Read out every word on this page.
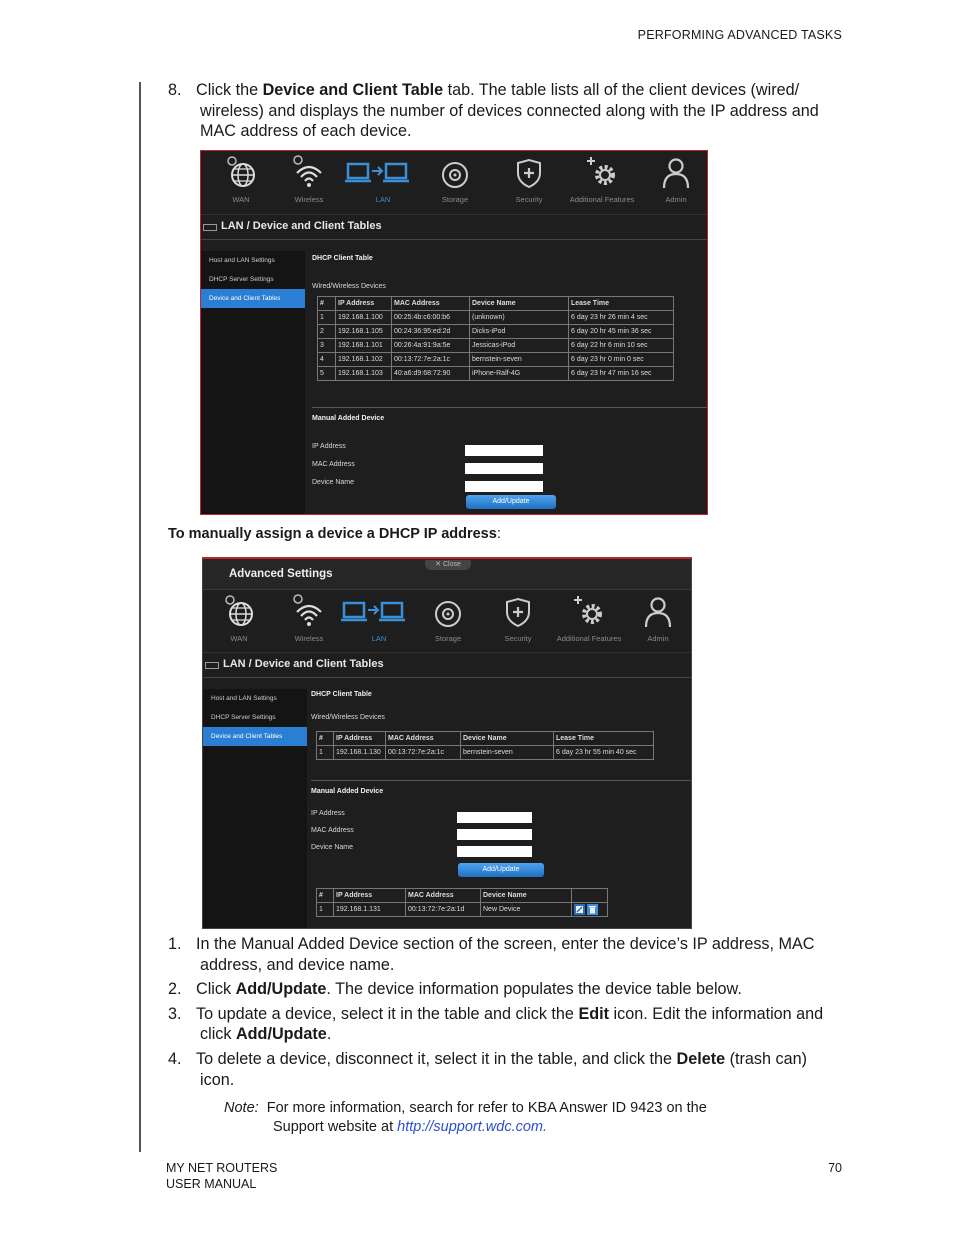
PERFORMING ADVANCED TASKS
8. Click the Device and Client Table tab. The table lists all of the client devices (wired/
wireless) and displays the number of devices connected along with the IP address and
MAC address of each device.
WAN	Wireless	LAN	Storage	Security	Additional Features	Admin
LAN / Device and Client Tables
Host and LAN Settings
DHCP Server Settings
Device and Client Tables
DHCP Client Table
Wired/Wireless Devices
#	IP Address	MAC Address	Device Name	Lease Time
1	192.168.1.100	00:25:4b:c6:00:b6	(unknown)	6 day 23 hr 26 min 4 sec
2	192.168.1.105	00:24:36:95:ed:2d	Dicks-iPod	6 day 20 hr 45 min 36 sec
3	192.168.1.101	00:26:4a:91:9a:5e	Jessicas-iPod	6 day 22 hr 6 min 10 sec
4	192.168.1.102	00:13:72:7e:2a:1c	bernstein-seven	6 day 23 hr 0 min 0 sec
5	192.168.1.103	40:a6:d9:68:72:90	iPhone-Ralf-4G	6 day 23 hr 47 min 16 sec
Manual Added Device
IP Address
MAC Address
Device Name
Add/Update
To manually assign a device a DHCP IP address:
Advanced Settings
✕ Close
WAN	Wireless	LAN	Storage	Security	Additional Features	Admin
LAN / Device and Client Tables
Host and LAN Settings
DHCP Server Settings
Device and Client Tables
DHCP Client Table
Wired/Wireless Devices
#	IP Address	MAC Address	Device Name	Lease Time
1	192.168.1.130	00:13:72:7e:2a:1c	bernstein-seven	6 day 23 hr 55 min 40 sec
Manual Added Device
IP Address
MAC Address
Device Name
Add/Update
#	IP Address	MAC Address	Device Name	
1	192.168.1.131	00:13:72:7e:2a:1d	New Device	
1. In the Manual Added Device section of the screen, enter the device’s IP address, MAC
address, and device name.
2. Click Add/Update. The device information populates the device table below.
3. To update a device, select it in the table and click the Edit icon. Edit the information and
click Add/Update.
4. To delete a device, disconnect it, select it in the table, and click the Delete (trash can)
icon.
Note: For more information, search for refer to KBA Answer ID 9423 on the
Support website at http://support.wdc.com.
MY NET ROUTERS
USER MANUAL
70
